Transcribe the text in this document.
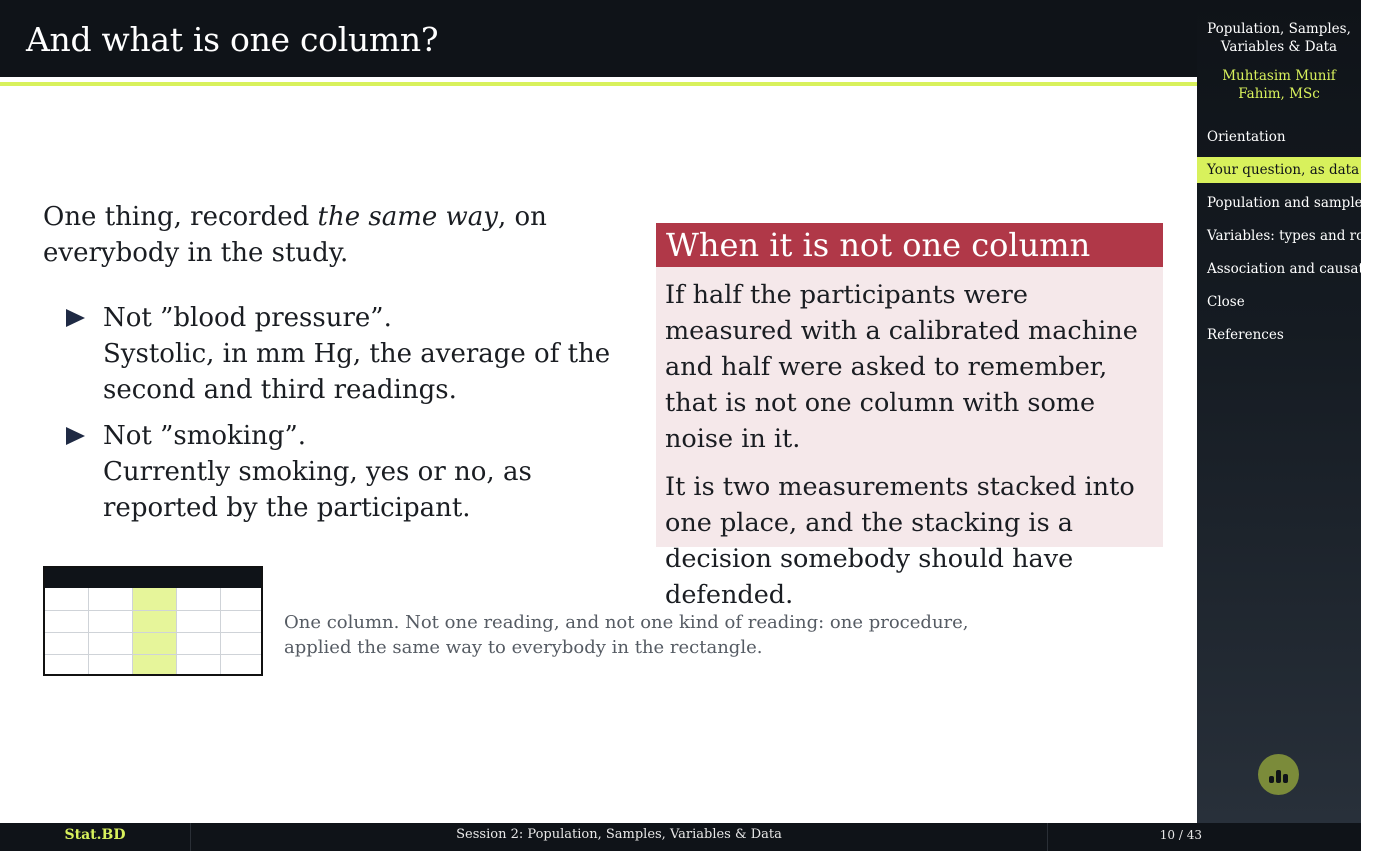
And what is one column?
One thing, recorded the same way, on everybody in the study.
Not ”blood pressure”.
Systolic, in mm Hg, the average of the second and third readings.
Not ”smoking”.
Currently smoking, yes or no, as reported by the participant.
When it is not one column

If half the participants were measured with a calibrated machine and half were asked to remember, that is not one column with some noise in it.

It is two measurements stacked into one place, and the stacking is a decision somebody should have defended.

One column. Not one reading, and not one kind of reading: one procedure, applied the same way to everybody in the rectangle.
Population, Samples, Variables & Data
Muhtasim Munif Fahim, MSc
Orientation
Your question, as data
Population and sample
Variables: types and roles
Association and causation
Close
References
Stat.BD	Session 2: Population, Samples, Variables & Data	10 / 43
